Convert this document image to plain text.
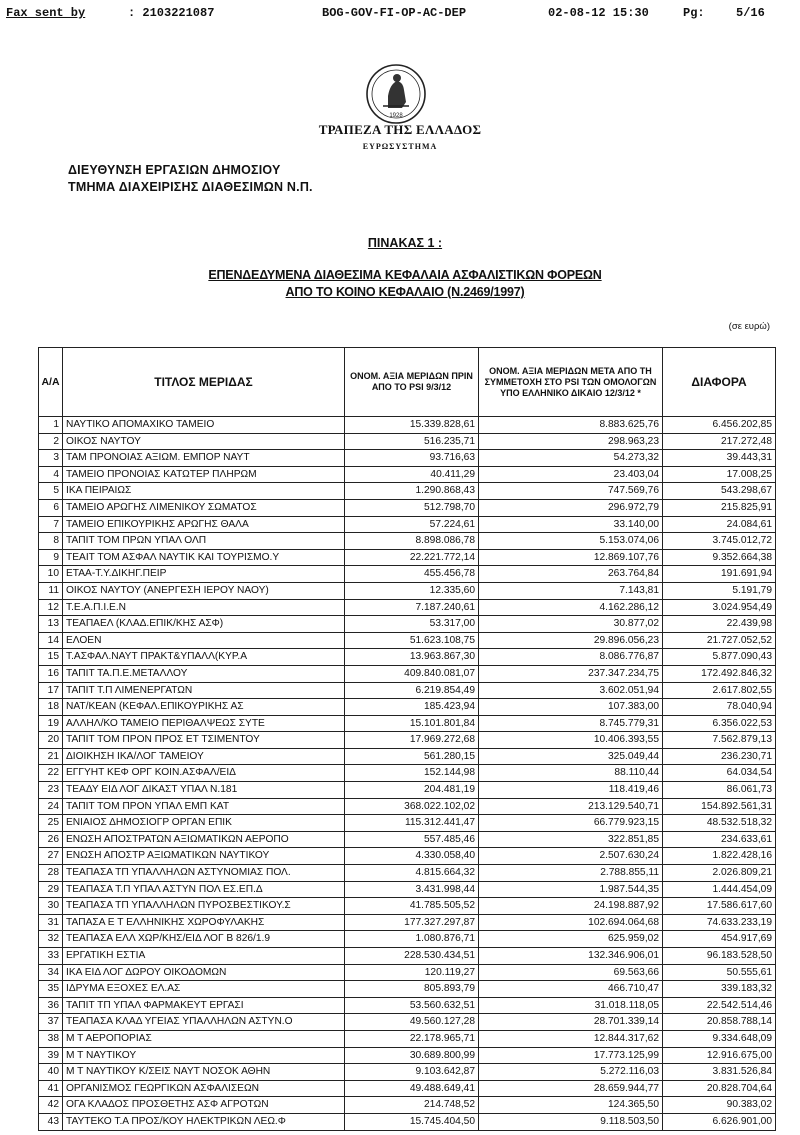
Fax sent by	: 2103221087	BOG-GOV-FI-OP-AC-DEP	02-08-12 15:30	Pg:	5/16
1928
ΤΡΑΠΕΖΑ ΤΗΣ ΕΛΛΑΔΟΣ
ΕΥΡΩΣΥΣΤΗΜΑ
ΔΙΕΥΘΥΝΣΗ ΕΡΓΑΣΙΩΝ ΔΗΜΟΣΙΟΥ
ΤΜΗΜΑ ΔΙΑΧΕΙΡΙΣΗΣ ΔΙΑΘΕΣΙΜΩΝ Ν.Π.
ΠΙΝΑΚΑΣ 1 :
ΕΠΕΝΔΕΔΥΜΕΝΑ ΔΙΑΘΕΣΙΜΑ ΚΕΦΑΛΑΙΑ ΑΣΦΑΛΙΣΤΙΚΩΝ ΦΟΡΕΩΝ
ΑΠΟ ΤΟ ΚΟΙΝΟ ΚΕΦΑΛΑΙΟ (Ν.2469/1997)
(σε ευρώ)
Α/Α	ΤΙΤΛΟΣ ΜΕΡΙΔΑΣ	ΟΝΟΜ. ΑΞΙΑ ΜΕΡΙΔΩΝ ΠΡΙΝ ΑΠΟ ΤΟ PSI 9/3/12	ΟΝΟΜ. ΑΞΙΑ ΜΕΡΙΔΩΝ ΜΕΤΑ ΑΠΟ ΤΗ ΣΥΜΜΕΤΟΧΗ ΣΤΟ PSI ΤΩΝ ΟΜΟΛΟΓΩΝ ΥΠΟ ΕΛΛΗΝΙΚΟ ΔΙΚΑΙΟ 12/3/12 *	ΔΙΑΦΟΡΑ
1	ΝΑΥΤΙΚΟ ΑΠΟΜΑΧΙΚΟ ΤΑΜΕΙΟ	15.339.828,61	8.883.625,76	6.456.202,85
2	ΟΙΚΟΣ ΝΑΥΤΟΥ	516.235,71	298.963,23	217.272,48
3	ΤΑΜ ΠΡΟΝΟΙΑΣ ΑΞΙΩΜ. ΕΜΠΟΡ ΝΑΥΤ	93.716,63	54.273,32	39.443,31
4	ΤΑΜΕΙΟ ΠΡΟΝΟΙΑΣ ΚΑΤΩΤΕΡ ΠΛΗΡΩΜ	40.411,29	23.403,04	17.008,25
5	ΙΚΑ ΠΕΙΡΑΙΩΣ	1.290.868,43	747.569,76	543.298,67
6	ΤΑΜΕΙΟ ΑΡΩΓΗΣ ΛΙΜΕΝΙΚΟΥ ΣΩΜΑΤΟΣ	512.798,70	296.972,79	215.825,91
7	ΤΑΜΕΙΟ ΕΠΙΚΟΥΡΙΚΗΣ ΑΡΩΓΗΣ ΘΑΛΑ	57.224,61	33.140,00	24.084,61
8	ΤΑΠΙΤ ΤΟΜ ΠΡΩΝ ΥΠΑΛ ΟΛΠ	8.898.086,78	5.153.074,06	3.745.012,72
9	ΤΕΑΙΤ ΤΟΜ ΑΣΦΑΛ ΝΑΥΤΙΚ ΚΑΙ ΤΟΥΡΙΣΜΟ.Υ	22.221.772,14	12.869.107,76	9.352.664,38
10	ΕΤΑΑ-Τ.Υ.ΔΙΚΗΓ.ΠΕΙΡ	455.456,78	263.764,84	191.691,94
11	ΟΙΚΟΣ ΝΑΥΤΟΥ (ΑΝΕΡΓΕΣΗ ΙΕΡΟΥ ΝΑΟΥ)	12.335,60	7.143,81	5.191,79
12	Τ.Ε.Α.Π.Ι.Ε.Ν	7.187.240,61	4.162.286,12	3.024.954,49
13	ΤΕΑΠΑΕΛ (ΚΛΑΔ.ΕΠΙΚ/ΚΗΣ ΑΣΦ)	53.317,00	30.877,02	22.439,98
14	ΕΛΟΕΝ	51.623.108,75	29.896.056,23	21.727.052,52
15	Τ.ΑΣΦΑΛ.ΝΑΥΤ ΠΡΑΚΤ&ΥΠΑΛΛ(ΚΥΡ.Α	13.963.867,30	8.086.776,87	5.877.090,43
16	ΤΑΠΙΤ ΤΑ.Π.Ε.ΜΕΤΑΛΛΟΥ	409.840.081,07	237.347.234,75	172.492.846,32
17	ΤΑΠΙΤ Τ.Π ΛΙΜΕΝΕΡΓΑΤΩΝ	6.219.854,49	3.602.051,94	2.617.802,55
18	ΝΑΤ/ΚΕΑΝ (ΚΕΦΑΛ.ΕΠΙΚΟΥΡΙΚΗΣ ΑΣ	185.423,94	107.383,00	78.040,94
19	ΑΛΛΗΛ/ΚΟ ΤΑΜΕΙΟ ΠΕΡΙΘΑΛΨΕΩΣ ΣΥΤΕ	15.101.801,84	8.745.779,31	6.356.022,53
20	ΤΑΠΙΤ ΤΟΜ ΠΡΟΝ ΠΡΟΣ ΕΤ ΤΣΙΜΕΝΤΟΥ	17.969.272,68	10.406.393,55	7.562.879,13
21	ΔΙΟΙΚΗΣΗ ΙΚΑ/ΛΟΓ ΤΑΜΕΙΟΥ	561.280,15	325.049,44	236.230,71
22	ΕΓΓΥΗΤ ΚΕΦ ΟΡΓ ΚΟΙΝ.ΑΣΦΑΛ/ΕΙΔ	152.144,98	88.110,44	64.034,54
23	ΤΕΑΔΥ ΕΙΔ ΛΟΓ ΔΙΚΑΣΤ ΥΠΑΛ Ν.181	204.481,19	118.419,46	86.061,73
24	ΤΑΠΙΤ ΤΟΜ ΠΡΟΝ ΥΠΑΛ ΕΜΠ ΚΑΤ	368.022.102,02	213.129.540,71	154.892.561,31
25	ΕΝΙΑΙΟΣ ΔΗΜΟΣΙΟΓΡ ΟΡΓΑΝ ΕΠΙΚ	115.312.441,47	66.779.923,15	48.532.518,32
26	ΕΝΩΣΗ ΑΠΟΣΤΡΑΤΩΝ ΑΞΙΩΜΑΤΙΚΩΝ ΑΕΡΟΠΟ	557.485,46	322.851,85	234.633,61
27	ΕΝΩΣΗ ΑΠΟΣΤΡ ΑΞΙΩΜΑΤΙΚΩΝ ΝΑΥΤΙΚΟΥ	4.330.058,40	2.507.630,24	1.822.428,16
28	ΤΕΑΠΑΣΑ ΤΠ ΥΠΑΛΛΗΛΩΝ ΑΣΤΥΝΟΜΙΑΣ ΠΟΛ.	4.815.664,32	2.788.855,11	2.026.809,21
29	ΤΕΑΠΑΣΑ Τ.Π ΥΠΑΛ ΑΣΤΥΝ ΠΟΛ ΕΣ.ΕΠ.Δ	3.431.998,44	1.987.544,35	1.444.454,09
30	ΤΕΑΠΑΣΑ ΤΠ ΥΠΑΛΛΗΛΩΝ ΠΥΡΟΣΒΕΣΤΙΚΟΥ.Σ	41.785.505,52	24.198.887,92	17.586.617,60
31	ΤΑΠΑΣΑ Ε Τ ΕΛΛΗΝΙΚΗΣ ΧΩΡΟΦΥΛΑΚΗΣ	177.327.297,87	102.694.064,68	74.633.233,19
32	ΤΕΑΠΑΣΑ ΕΛΛ ΧΩΡ/ΚΗΣ/ΕΙΔ ΛΟΓ Β 826/1.9	1.080.876,71	625.959,02	454.917,69
33	ΕΡΓΑΤΙΚΗ ΕΣΤΙΑ	228.530.434,51	132.346.906,01	96.183.528,50
34	ΙΚΑ ΕΙΔ ΛΟΓ ΔΩΡΟΥ ΟΙΚΟΔΟΜΩΝ	120.119,27	69.563,66	50.555,61
35	ΙΔΡΥΜΑ ΕΞΟΧΕΣ ΕΛ.ΑΣ	805.893,79	466.710,47	339.183,32
36	ΤΑΠΙΤ ΤΠ ΥΠΑΛ ΦΑΡΜΑΚΕΥΤ ΕΡΓΑΣΙ	53.560.632,51	31.018.118,05	22.542.514,46
37	ΤΕΑΠΑΣΑ ΚΛΑΔ ΥΓΕΙΑΣ ΥΠΑΛΛΗΛΩΝ ΑΣΤΥΝ.Ο	49.560.127,28	28.701.339,14	20.858.788,14
38	Μ Τ ΑΕΡΟΠΟΡΙΑΣ	22.178.965,71	12.844.317,62	9.334.648,09
39	Μ Τ ΝΑΥΤΙΚΟΥ	30.689.800,99	17.773.125,99	12.916.675,00
40	Μ Τ ΝΑΥΤΙΚΟΥ Κ/ΣΕΙΣ ΝΑΥΤ ΝΟΣΟΚ ΑΘΗΝ	9.103.642,87	5.272.116,03	3.831.526,84
41	ΟΡΓΑΝΙΣΜΟΣ ΓΕΩΡΓΙΚΩΝ ΑΣΦΑΛΙΣΕΩΝ	49.488.649,41	28.659.944,77	20.828.704,64
42	ΟΓΑ ΚΛΑΔΟΣ ΠΡΟΣΘΕΤΗΣ ΑΣΦ ΑΓΡΟΤΩΝ	214.748,52	124.365,50	90.383,02
43	ΤΑΥΤΕΚΟ Τ.Α ΠΡΟΣ/ΚΟΥ ΗΛΕΚΤΡΙΚΩΝ ΛΕΩ.Φ	15.745.404,50	9.118.503,50	6.626.901,00
